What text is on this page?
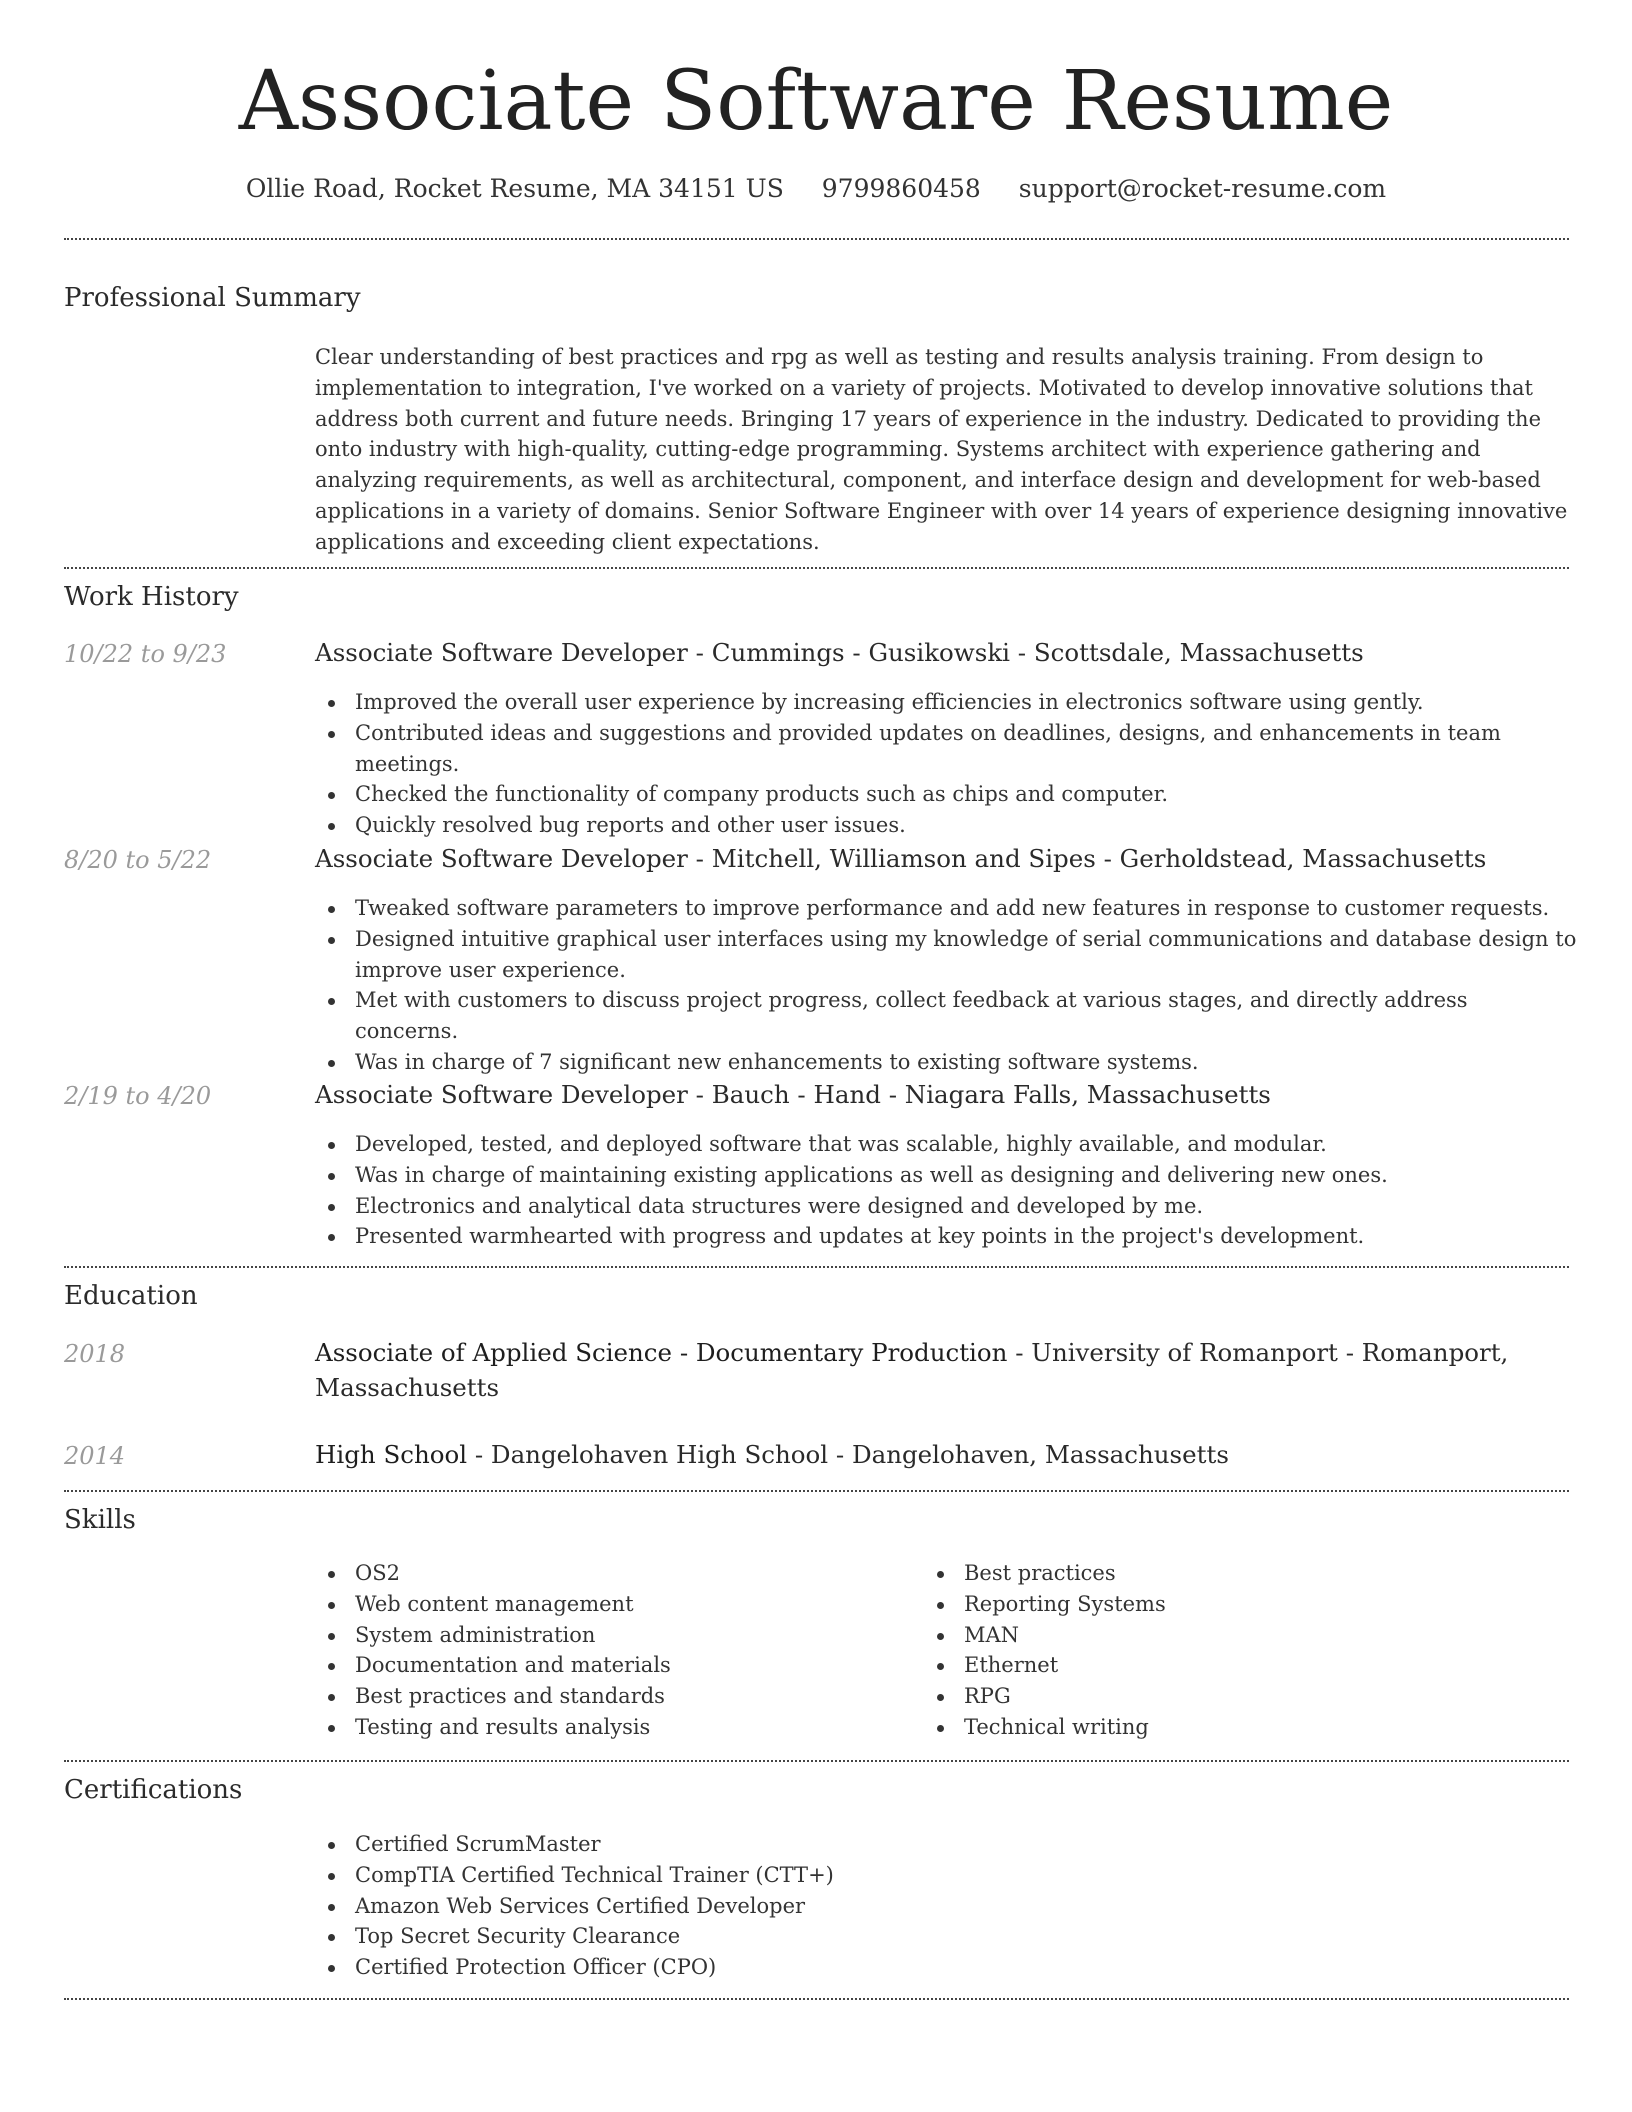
Associate Software Resume
Ollie Road, Rocket Resume, MA 34151 US 9799860458 support@rocket-resume.com
Professional Summary

Clear understanding of best practices and rpg as well as testing and results analysis training. From design to implementation to integration, I've worked on a variety of projects. Motivated to develop innovative solutions that address both current and future needs. Bringing 17 years of experience in the industry. Dedicated to providing the onto industry with high-quality, cutting-edge programming. Systems architect with experience gathering and analyzing requirements, as well as architectural, component, and interface design and development for web-based applications in a variety of domains. Senior Software Engineer with over 14 years of experience designing innovative applications and exceeding client expectations.

Work History
10/22 to 9/23	Associate Software Developer - Cummings - Gusikowski - Scottsdale, Massachusetts
Improved the overall user experience by increasing efficiencies in electronics software using gently.
Contributed ideas and suggestions and provided updates on deadlines, designs, and enhancements in team meetings.
Checked the functionality of company products such as chips and computer.
Quickly resolved bug reports and other user issues.
8/20 to 5/22	Associate Software Developer - Mitchell, Williamson and Sipes - Gerholdstead, Massachusetts
Tweaked software parameters to improve performance and add new features in response to customer requests.
Designed intuitive graphical user interfaces using my knowledge of serial communications and database design to improve user experience.
Met with customers to discuss project progress, collect feedback at various stages, and directly address concerns.
Was in charge of 7 significant new enhancements to existing software systems.
2/19 to 4/20	Associate Software Developer - Bauch - Hand - Niagara Falls, Massachusetts
Developed, tested, and deployed software that was scalable, highly available, and modular.
Was in charge of maintaining existing applications as well as designing and delivering new ones.
Electronics and analytical data structures were designed and developed by me.
Presented warmhearted with progress and updates at key points in the project's development.
Education
2018	Associate of Applied Science - Documentary Production - University of Romanport - Romanport, Massachusetts
2014	High School - Dangelohaven High School - Dangelohaven, Massachusetts
Skills
OS2
Web content management
System administration
Documentation and materials
Best practices and standards
Testing and results analysis
Best practices
Reporting Systems
MAN
Ethernet
RPG
Technical writing
Certifications
Certified ScrumMaster
CompTIA Certified Technical Trainer (CTT+)
Amazon Web Services Certified Developer
Top Secret Security Clearance
Certified Protection Officer (CPO)
